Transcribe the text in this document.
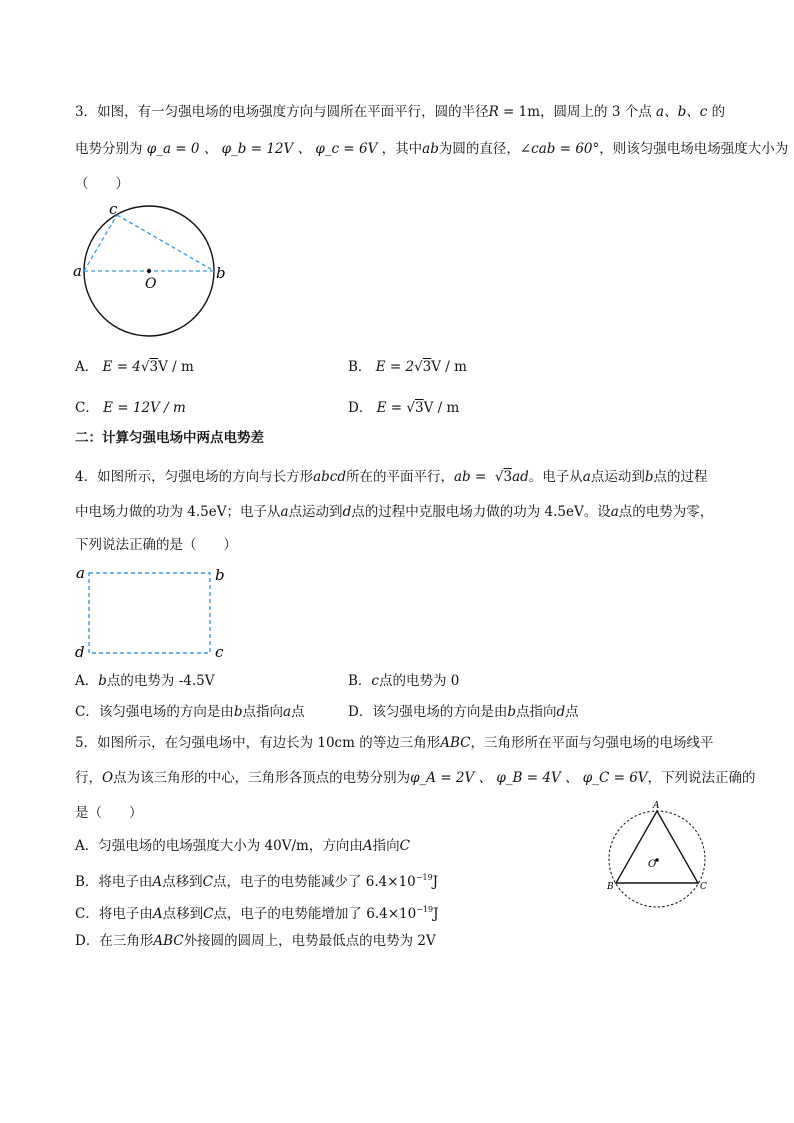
3．如图，有一匀强电场的电场强度方向与圆所在平面平行，圆的半径R = 1m，圆周上的 3 个点 a、b、c 的
电势分别为 φ_a = 0 、 φ_b = 12V 、 φ_c = 6V ，其中ab为圆的直径，∠cab = 60°，则该匀强电场电场强度大小为
（　　）
a	b
c
O
A． E = 4√3V / m	B． E = 2√3V / m
C． E = 12V / m	D． E = √3V / m
二：计算匀强电场中两点电势差
4．如图所示，匀强电场的方向与长方形abcd所在的平面平行，ab =  √3ad。电子从a点运动到b点的过程
中电场力做的功为 4.5eV；电子从a点运动到d点的过程中克服电场力做的功为 4.5eV。设a点的电势为零，
下列说法正确的是（　　）
a	b
d	c
A．b点的电势为 -4.5V	B．c点的电势为 0
C．该匀强电场的方向是由b点指向a点	D．该匀强电场的方向是由b点指向d点
5．如图所示，在匀强电场中，有边长为 10cm 的等边三角形ABC，三角形所在平面与匀强电场的电场线平
行，O点为该三角形的中心，三角形各顶点的电势分别为φ_A = 2V 、 φ_B = 4V 、 φ_C = 6V，下列说法正确的
是（　　）
A．匀强电场的电场强度大小为 40V/m，方向由A指向C
B．将电子由A点移到C点，电子的电势能减少了 $6.4\times 10^{-19}J$
C．将电子由A点移到C点，电子的电势能增加了 $6.4\times 10^{-19}J$
D．在三角形ABC外接圆的圆周上，电势最低点的电势为 2V
A
B	C
O
